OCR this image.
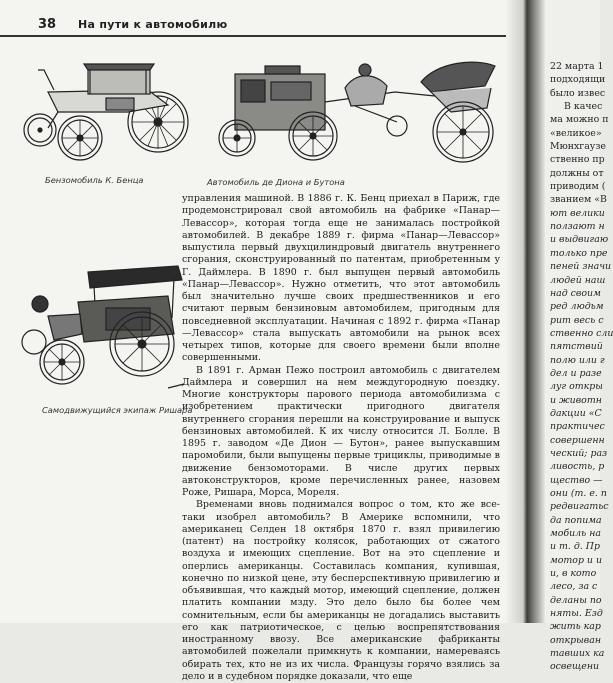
38 На пути к автомобилю
Бензомобиль К. Бенца	Автомобиль де Диона и Бутона
Самодвижущийся экипаж Ришара

управления машиной. В 1886 г. К. Бенц приехал в Париж, где продемонстрировал свой автомобиль на фабрике «Панар—Левассор», которая тогда еще не занималась постройкой автомобилей. В декабре 1889 г. фирма «Панар—Левассор» выпустила первый двухцилиндровый двигатель внутреннего сгорания, сконструированный по патентам, приобретенным у Г. Даймлера. В 1890 г. был выпущен первый автомобиль «Панар—Левассор». Нужно отметить, что этот автомобиль был значительно лучше своих предшественников и его считают первым бензиновым автомобилем, пригодным для повседневной эксплуатации. Начиная с 1892 г. фирма «Панар—Левассор» стала выпускать автомобили на рынок всех четырех типов, которые для своего времени были вполне совершенными.

В 1891 г. Арман Пежо построил автомобиль с двигателем Даймлера и совершил на нем междугородную поездку. Многие конструкторы парового периода автомобилизма с изобретением практически пригодного двигателя внутреннего сгорания перешли на конструирование и выпуск бензиновых автомобилей. К их числу относится Л. Болле. В 1895 г. заводом «Де Дион — Бутон», ранее выпускавшим паромобили, были выпущены первые трициклы, приводимые в движение бензомоторами. В числе других первых автоконструкторов, кроме перечисленных ранее, назовем Роже, Ришара, Морса, Мореля.

Временами вновь поднимался вопрос о том, кто же все-таки изобрел автомобиль? В Америке вспомнили, что американец Селден 18 октября 1870 г. взял привилегию (патент) на постройку колясок, работающих от сжатого воздуха и имеющих сцепление. Вот на это сцепление и оперлись американцы. Составилась компания, купившая, конечно по низкой цене, эту бесперспективную привилегию и объявившая, что каждый мотор, имеющий сцепление, должен платить компании мзду. Это дело было бы более чем сомнительным, если бы американцы не догадались выставить его как патриотическое, с целью воспрепятствования иностранному ввозу. Все американские фабриканты автомобилей пожелали примкнуть к компании, намереваясь обирать тех, кто не из их числа. Французы горячо взялись за дело и в судебном порядке доказали, что еще

22 марта 1
подходящи
было извес
В качес
ма можно п
«великое»
Мюнхгаузе
ственно пр
должны от
приводим (
званием «В
ют велики
ползают н
и выдвигаю
только пре
пеней значи
людей наш
над своим
ред людьм
рит весь с
ственно сли
пятствий
полю или г
дел и разе
луг откры
и животн
дакции «С
практичес
совершенн
ческий; раз
ливость, р
щество —
они (т. е. п
редвигатьс
да попима
мобиль на
и т. д. Пр
мотор и и
и, в кото
лесо, за с
деланы по
няты. Езд
жить кар
открыван
тавших ка
освещени
